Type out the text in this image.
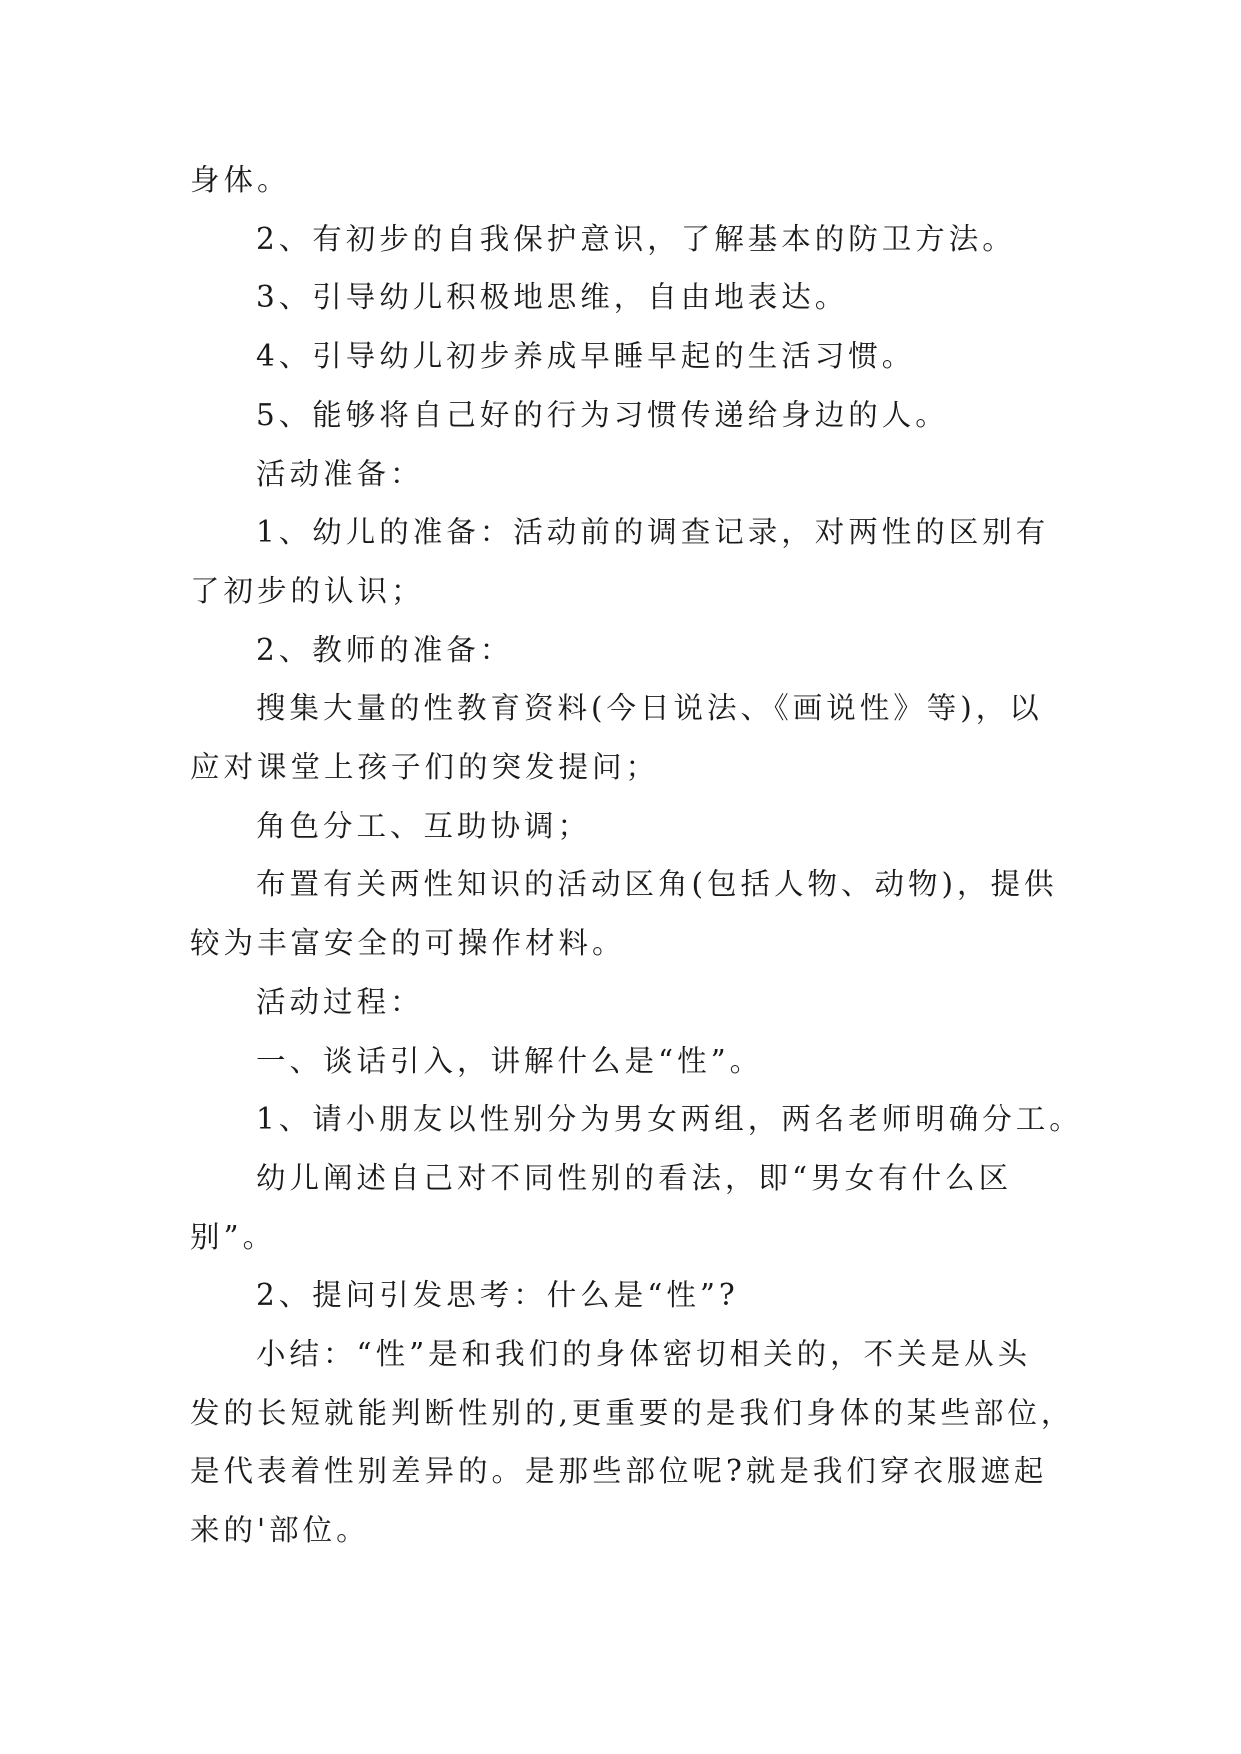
身体。

2、有初步的自我保护意识，了解基本的防卫方法。

3、引导幼儿积极地思维，自由地表达。

4、引导幼儿初步养成早睡早起的生活习惯。

5、能够将自己好的行为习惯传递给身边的人。

活动准备：

1、幼儿的准备：活动前的调查记录，对两性的区别有

了初步的认识；

2、教师的准备：

搜集大量的性教育资料(今日说法、《画说性》等)，以

应对课堂上孩子们的突发提问；

角色分工、互助协调；

布置有关两性知识的活动区角(包括人物、动物)，提供

较为丰富安全的可操作材料。

活动过程：

一、谈话引入，讲解什么是“性”。

1、请小朋友以性别分为男女两组，两名老师明确分工。

幼儿阐述自己对不同性别的看法，即“男女有什么区

别”。

2、提问引发思考：什么是“性”?

小结：“性”是和我们的身体密切相关的，不关是从头

发的长短就能判断性别的,更重要的是我们身体的某些部位，

是代表着性别差异的。是那些部位呢?就是我们穿衣服遮起

来的'部位。
